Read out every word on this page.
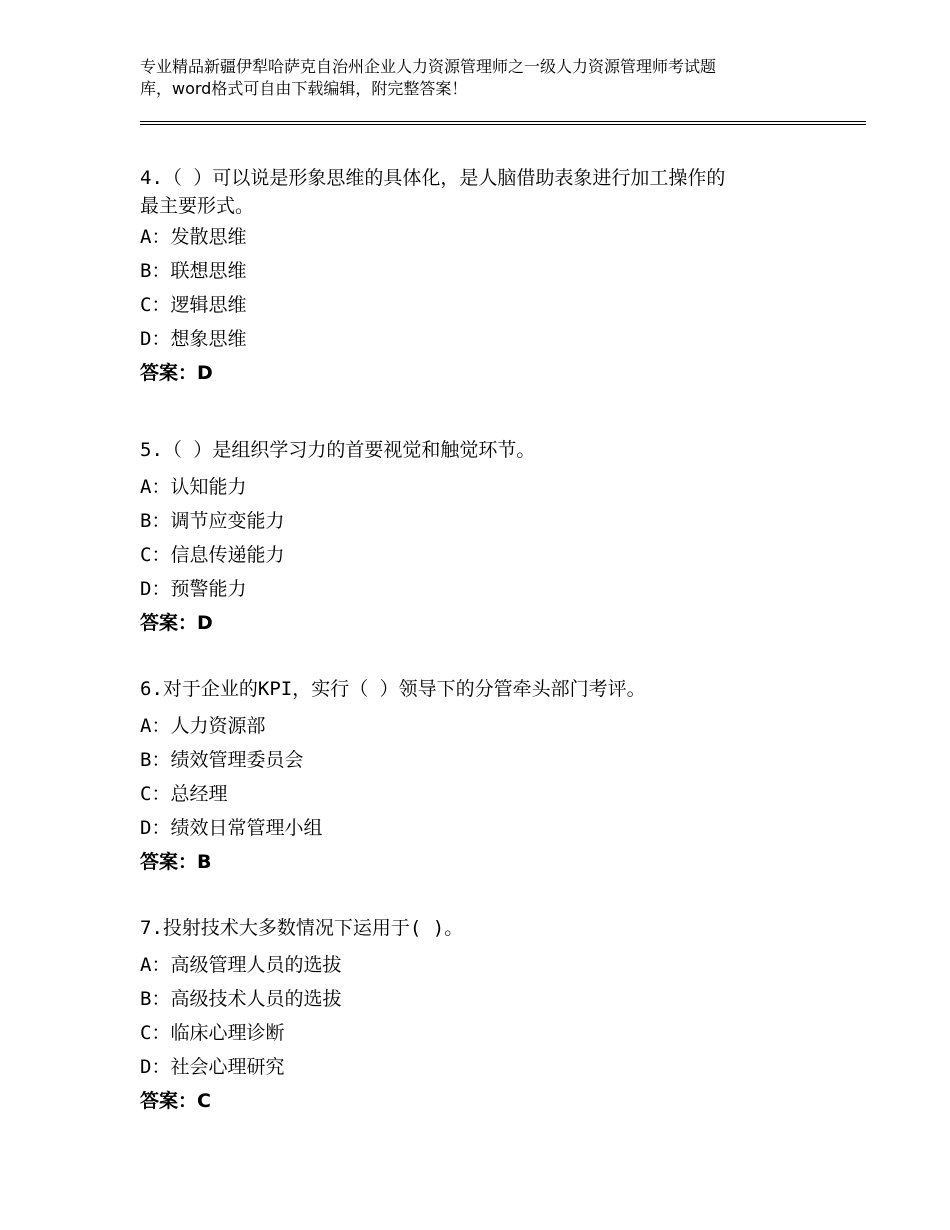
专业精品新疆伊犁哈萨克自治州企业人力资源管理师之一级人力资源管理师考试题
库，word格式可自由下载编辑，附完整答案！
4.（ ）可以说是形象思维的具体化，是人脑借助表象进行加工操作的
最主要形式。
A：发散思维
B：联想思维
C：逻辑思维
D：想象思维
答案：D
5.（ ）是组织学习力的首要视觉和触觉环节。
A：认知能力
B：调节应变能力
C：信息传递能力
D：预警能力
答案：D
6.对于企业的KPI，实行（ ）领导下的分管牵头部门考评。
A：人力资源部
B：绩效管理委员会
C：总经理
D：绩效日常管理小组
答案：B
7.投射技术大多数情况下运用于( )。
A：高级管理人员的选拔
B：高级技术人员的选拔
C：临床心理诊断
D：社会心理研究
答案：C
